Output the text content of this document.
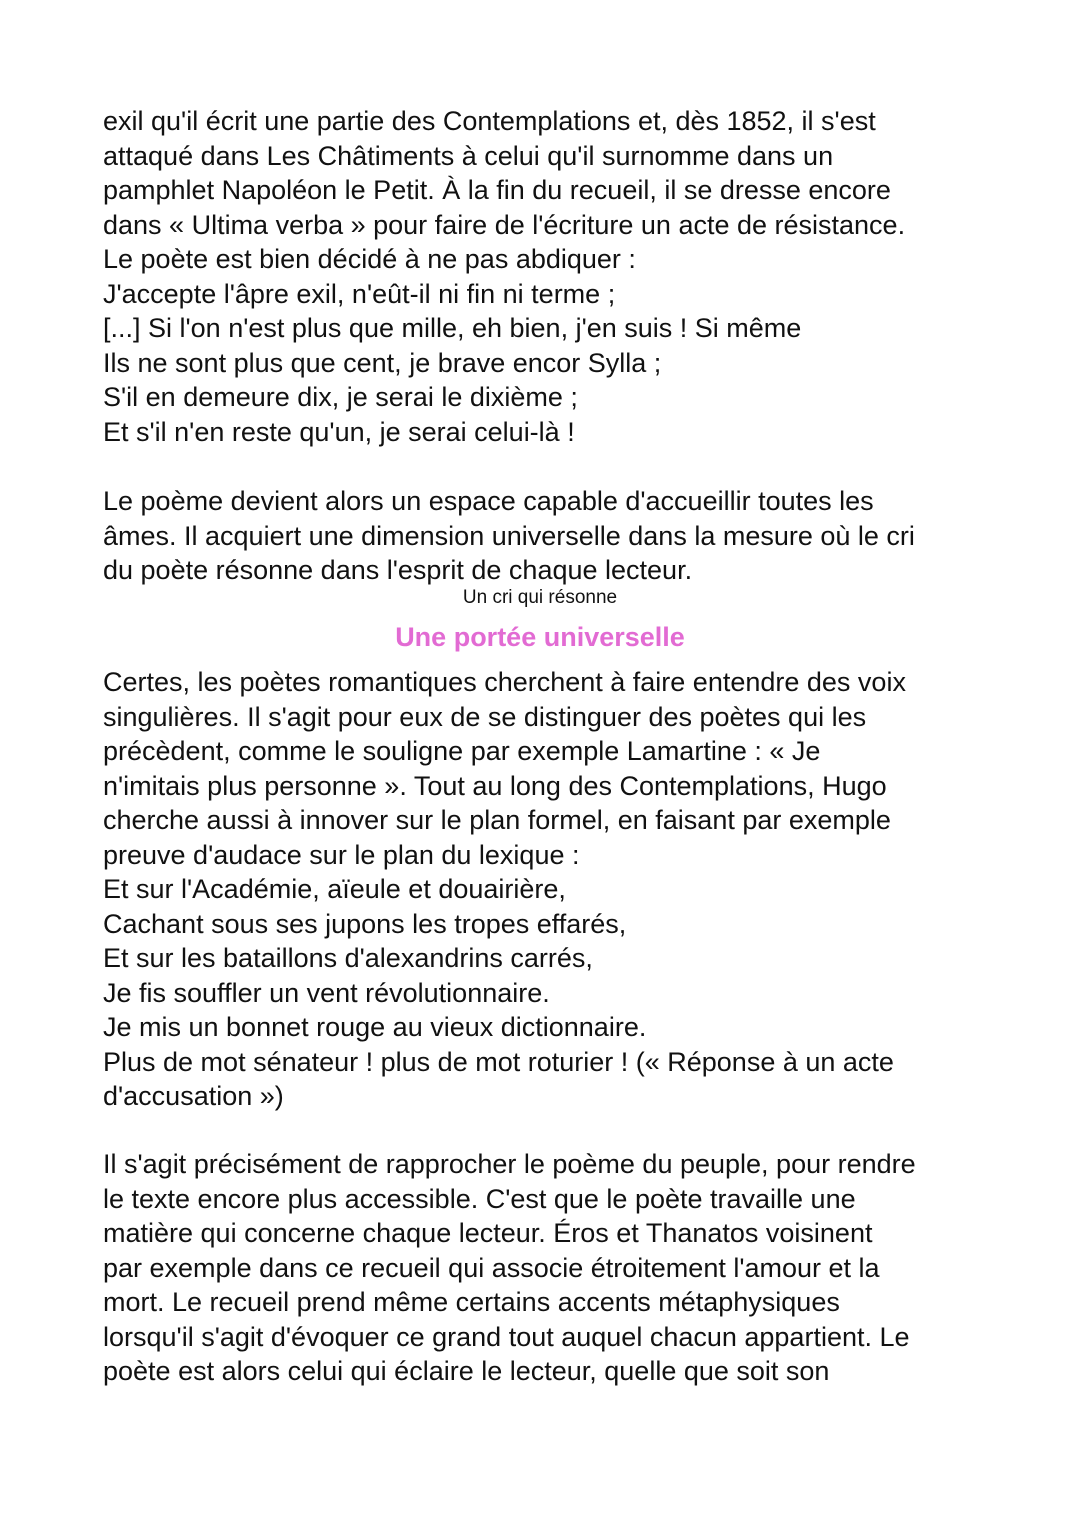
exil qu'il écrit une partie des Contemplations et, dès 1852, il s'est
attaqué dans Les Châtiments à celui qu'il surnomme dans un
pamphlet Napoléon le Petit. À la fin du recueil, il se dresse encore
dans « Ultima verba » pour faire de l'écriture un acte de résistance.
Le poète est bien décidé à ne pas abdiquer :
J'accepte l'âpre exil, n'eût-il ni fin ni terme ;
[...] Si l'on n'est plus que mille, eh bien, j'en suis ! Si même
Ils ne sont plus que cent, je brave encor Sylla ;
S'il en demeure dix, je serai le dixième ;
Et s'il n'en reste qu'un, je serai celui-là !
Le poème devient alors un espace capable d'accueillir toutes les
âmes. Il acquiert une dimension universelle dans la mesure où le cri
du poète résonne dans l'esprit de chaque lecteur.
Un cri qui résonne
Une portée universelle
Certes, les poètes romantiques cherchent à faire entendre des voix
singulières. Il s'agit pour eux de se distinguer des poètes qui les
précèdent, comme le souligne par exemple Lamartine : « Je
n'imitais plus personne ». Tout au long des Contemplations, Hugo
cherche aussi à innover sur le plan formel, en faisant par exemple
preuve d'audace sur le plan du lexique :
Et sur l'Académie, aïeule et douairière,
Cachant sous ses jupons les tropes effarés,
Et sur les bataillons d'alexandrins carrés,
Je fis souffler un vent révolutionnaire.
Je mis un bonnet rouge au vieux dictionnaire.
Plus de mot sénateur ! plus de mot roturier ! (« Réponse à un acte
d'accusation »)
Il s'agit précisément de rapprocher le poème du peuple, pour rendre
le texte encore plus accessible. C'est que le poète travaille une
matière qui concerne chaque lecteur. Éros et Thanatos voisinent
par exemple dans ce recueil qui associe étroitement l'amour et la
mort. Le recueil prend même certains accents métaphysiques
lorsqu'il s'agit d'évoquer ce grand tout auquel chacun appartient. Le
poète est alors celui qui éclaire le lecteur, quelle que soit son
